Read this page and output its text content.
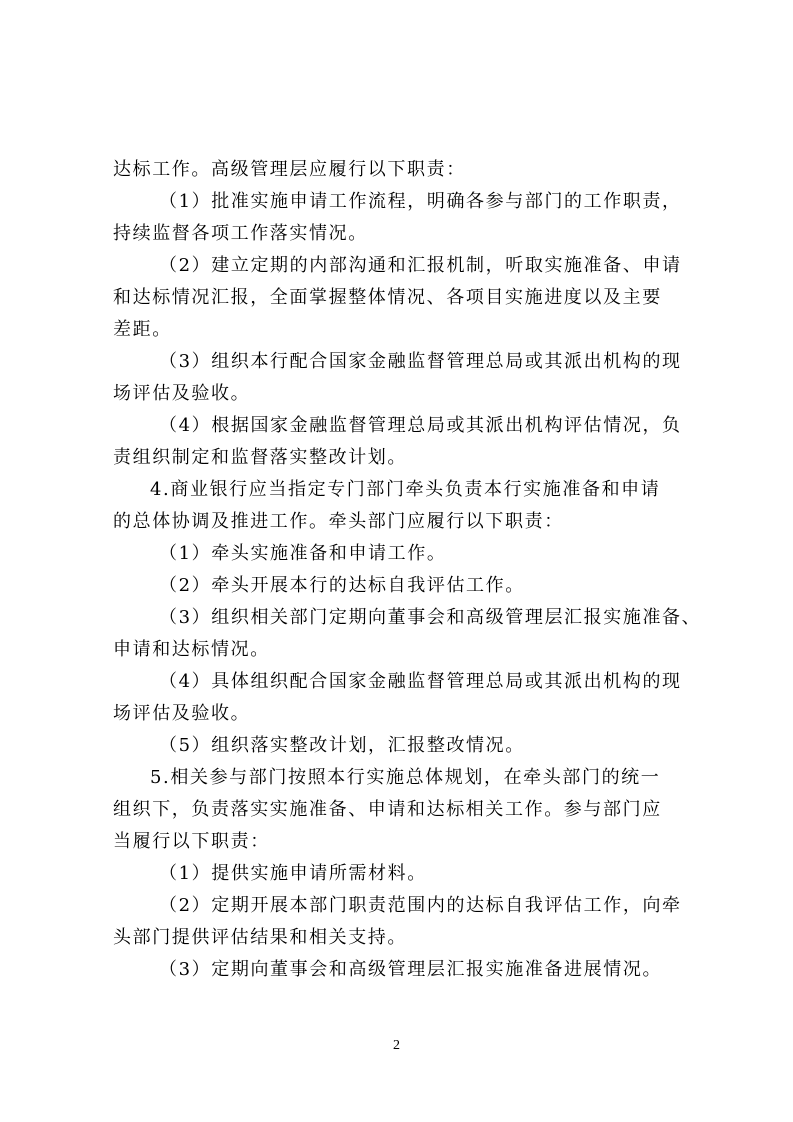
达标工作。高级管理层应履行以下职责：
（1）批准实施申请工作流程，明确各参与部门的工作职责，
持续监督各项工作落实情况。
（2）建立定期的内部沟通和汇报机制，听取实施准备、申请
和达标情况汇报，全面掌握整体情况、各项目实施进度以及主要
差距。
（3）组织本行配合国家金融监督管理总局或其派出机构的现
场评估及验收。
（4）根据国家金融监督管理总局或其派出机构评估情况，负
责组织制定和监督落实整改计划。
4.商业银行应当指定专门部门牵头负责本行实施准备和申请
的总体协调及推进工作。牵头部门应履行以下职责：
（1）牵头实施准备和申请工作。
（2）牵头开展本行的达标自我评估工作。
（3）组织相关部门定期向董事会和高级管理层汇报实施准备、
申请和达标情况。
（4）具体组织配合国家金融监督管理总局或其派出机构的现
场评估及验收。
（5）组织落实整改计划，汇报整改情况。
5.相关参与部门按照本行实施总体规划，在牵头部门的统一
组织下，负责落实实施准备、申请和达标相关工作。参与部门应
当履行以下职责：
（1）提供实施申请所需材料。
（2）定期开展本部门职责范围内的达标自我评估工作，向牵
头部门提供评估结果和相关支持。
（3）定期向董事会和高级管理层汇报实施准备进展情况。
2
